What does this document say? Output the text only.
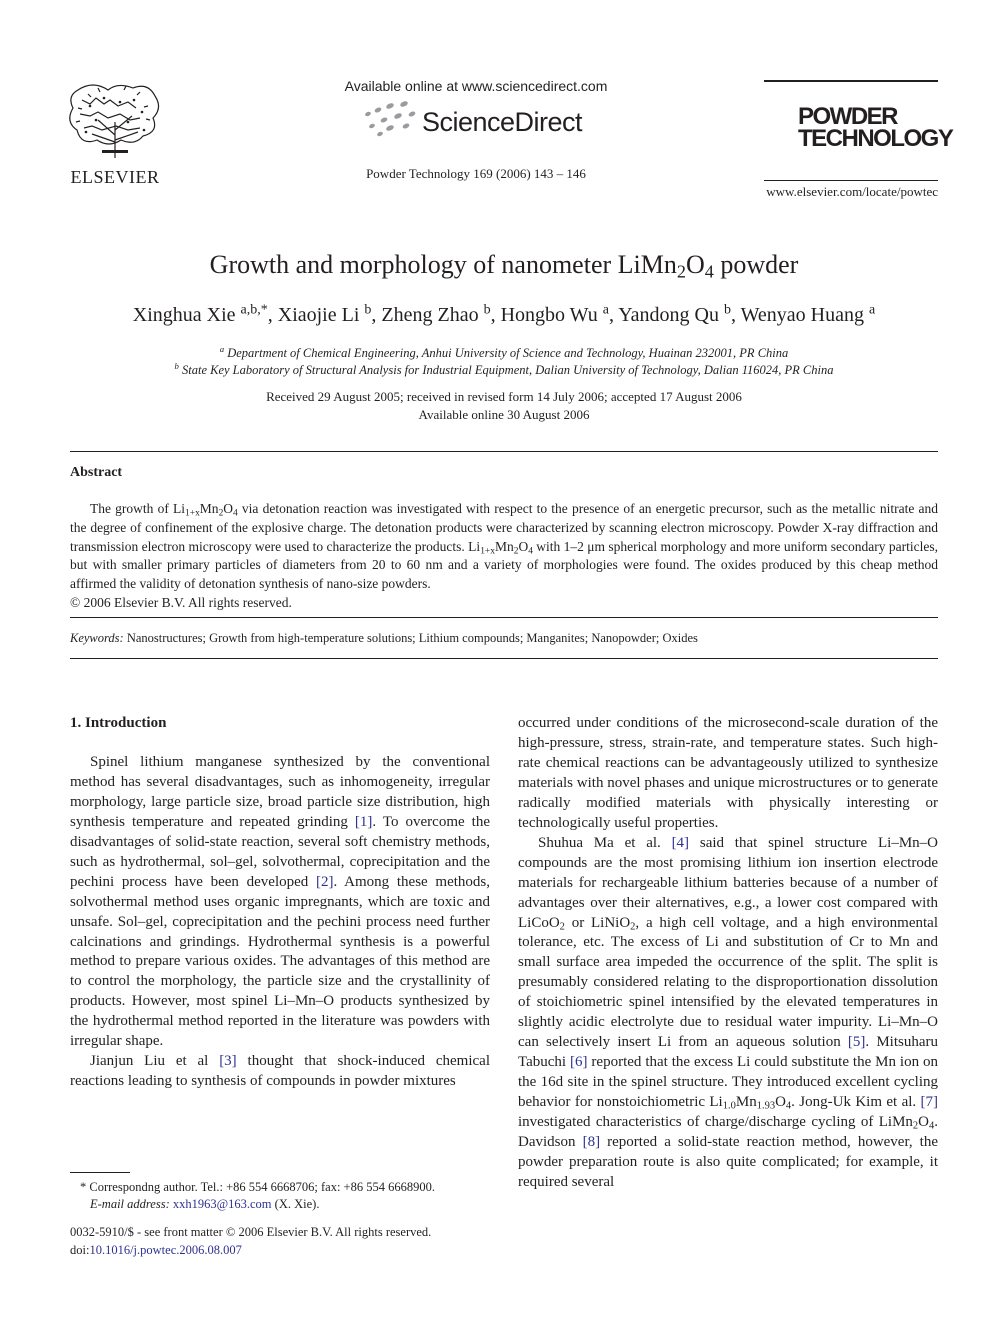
ELSEVIER
Available online at www.sciencedirect.com
ScienceDirect
Powder Technology 169 (2006) 143 – 146
POWDER
TECHNOLOGY
www.elsevier.com/locate/powtec
Growth and morphology of nanometer $LiMn_2O_4$ powder
Xinghua Xie $^{a,b,*}$, Xiaojie Li $^b$, Zheng Zhao $^b$, Hongbo Wu $^a$, Yandong Qu $^b$, Wenyao Huang $^a$
$^a$ Department of Chemical Engineering, Anhui University of Science and Technology, Huainan 232001, PR China
$^b$ State Key Laboratory of Structural Analysis for Industrial Equipment, Dalian University of Technology, Dalian 116024, PR China
Received 29 August 2005; received in revised form 14 July 2006; accepted 17 August 2006
Available online 30 August 2006
Abstract

The growth of $Li_{1+x}Mn_2O_4$ via detonation reaction was investigated with respect to the presence of an energetic precursor, such as the metallic nitrate and the degree of confinement of the explosive charge. The detonation products were characterized by scanning electron microscopy. Powder X-ray diffraction and transmission electron microscopy were used to characterize the products. $Li_{1+x}Mn_2O_4$ with 1–2 μm spherical morphology and more uniform secondary particles, but with smaller primary particles of diameters from 20 to 60 nm and a variety of morphologies were found. The oxides produced by this cheap method affirmed the validity of detonation synthesis of nano-size powders.

© 2006 Elsevier B.V. All rights reserved.

Keywords: Nanostructures; Growth from high-temperature solutions; Lithium compounds; Manganites; Nanopowder; Oxides
1. Introduction

Spinel lithium manganese synthesized by the conventional method has several disadvantages, such as inhomogeneity, irregular morphology, large particle size, broad particle size distribution, high synthesis temperature and repeated grinding [1]. To overcome the disadvantages of solid-state reaction, several soft chemistry methods, such as hydrothermal, sol–gel, solvothermal, coprecipitation and the pechini process have been developed [2]. Among these methods, solvothermal method uses organic impregnants, which are toxic and unsafe. Sol–gel, coprecipitation and the pechini process need further calcinations and grindings. Hydrothermal synthesis is a powerful method to prepare various oxides. The advantages of this method are to control the morphology, the particle size and the crystallinity of products. However, most spinel Li–Mn–O products synthesized by the hydrothermal method reported in the literature was powders with irregular shape.

Jianjun Liu et al [3] thought that shock-induced chemical reactions leading to synthesis of compounds in powder mixtures

* Correspondng author. Tel.: +86 554 6668706; fax: +86 554 6668900.
E-mail address: xxh1963@163.com (X. Xie).
0032-5910/$ - see front matter © 2006 Elsevier B.V. All rights reserved.
doi:10.1016/j.powtec.2006.08.007

occurred under conditions of the microsecond-scale duration of the high-pressure, stress, strain-rate, and temperature states. Such high-rate chemical reactions can be advantageously utilized to synthesize materials with novel phases and unique microstructures or to generate radically modified materials with physically interesting or technologically useful properties.

Shuhua Ma et al. [4] said that spinel structure Li–Mn–O compounds are the most promising lithium ion insertion electrode materials for rechargeable lithium batteries because of a number of advantages over their alternatives, e.g., a lower cost compared with LiCoO$_2$ or LiNiO$_2$, a high cell voltage, and a high environmental tolerance, etc. The excess of Li and substitution of Cr to Mn and small surface area impeded the occurrence of the split. The split is presumably considered relating to the disproportionation dissolution of stoichiometric spinel intensified by the elevated temperatures in slightly acidic electrolyte due to residual water impurity. Li–Mn–O can selectively insert Li from an aqueous solution [5]. Mitsuharu Tabuchi [6] reported that the excess Li could substitute the Mn ion on the 16d site in the spinel structure. They introduced excellent cycling behavior for nonstoichiometric $Li_{1.0}Mn_{1.93}O_4$. Jong-Uk Kim et al. [7] investigated characteristics of charge/discharge cycling of $LiMn_2O_4$. Davidson [8] reported a solid-state reaction method, however, the powder preparation route is also quite complicated; for example, it required several
